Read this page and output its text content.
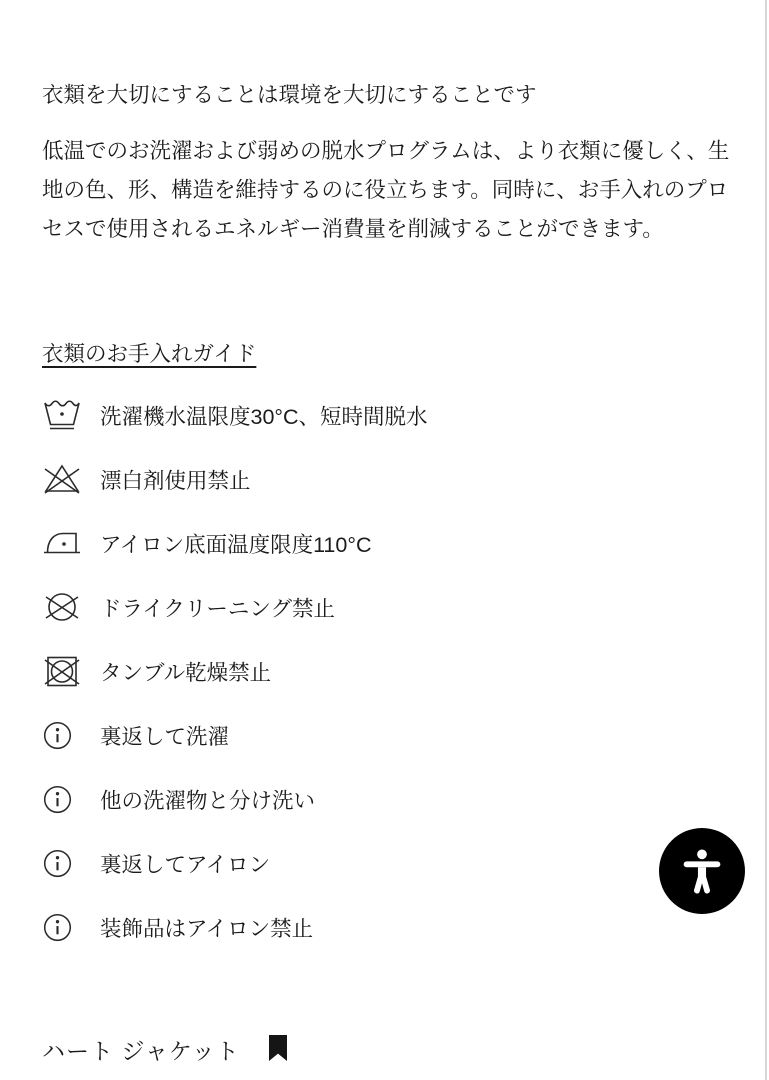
衣類を大切にすることは環境を大切にすることです
低温でのお洗濯および弱めの脱水プログラムは、より衣類に優しく、生地の色、形、構造を維持するのに役立ちます。同時に、お手入れのプロセスで使用されるエネルギー消費量を削減することができます。
衣類のお手入れガイド
洗濯機水温限度30°C、短時間脱水
漂白剤使用禁止
アイロン底面温度限度110°C
ドライクリーニング禁止
タンブル乾燥禁止
裏返して洗濯
他の洗濯物と分け洗い
裏返してアイロン
装飾品はアイロン禁止
ハート ジャケット
